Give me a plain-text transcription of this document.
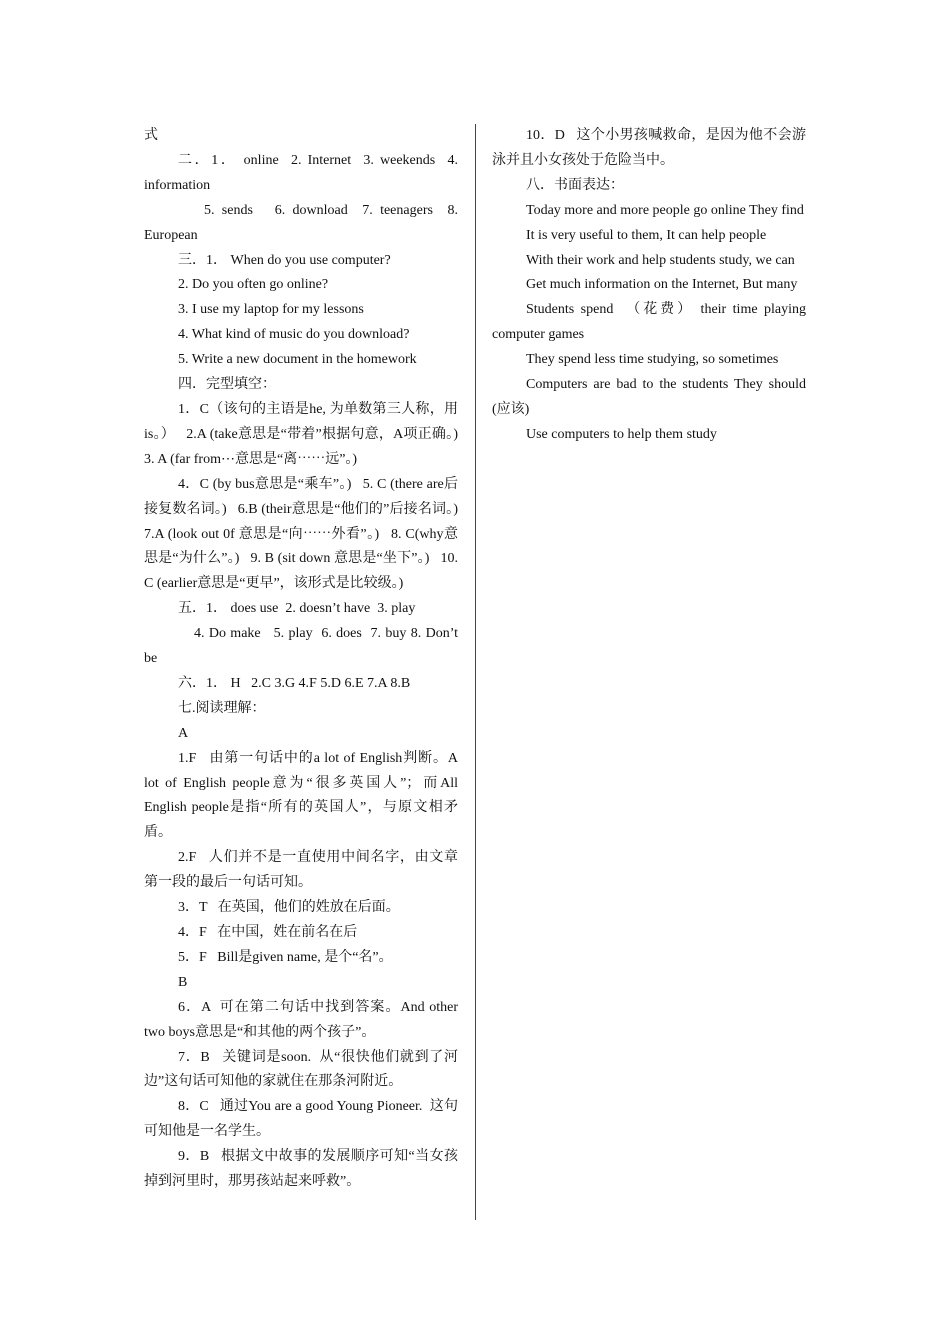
式

二．1． online  2. Internet  3. weekends  4. information

5. sends   6. download  7. teenagers  8. European

三．1． When do you use computer?

2. Do you often go online?

3. I use my laptop for my lessons

4. What kind of music do you download?

5. Write a new document in the homework

四．完型填空：

1．C（该句的主语是he, 为单数第三人称，用is。）   2.A (take意思是“带着”根据句意，A项正确。)   3. A (far from⋯意思是“离⋯⋯远”。)

4．C (by bus意思是“乘车”。)   5. C (there are后接复数名词。)   6.B (their意思是“他们的”后接名词。)   7.A (look out 0f 意思是“向⋯⋯外看”。)   8. C(why意思是“为什么”。)   9. B (sit down 意思是“坐下”。)   10. C (earlier意思是“更早”，该形式是比较级。)

五．1． does use  2. doesn’t have  3. play

4. Do make   5. play  6. does  7. buy 8. Don’t be

六．1． H   2.C 3.G 4.F 5.D 6.E 7.A 8.B

七.阅读理解：

A

1.F   由第一句话中的a lot of English判断。A lot of English people意为“很多英国人”；而All English people是指“所有的英国人”，与原文相矛盾。

2.F   人们并不是一直使用中间名字，由文章第一段的最后一句话可知。

3．T   在英国，他们的姓放在后面。

4．F   在中国，姓在前名在后

5．F   Bill是given name, 是个“名”。

B

6．A  可在第二句话中找到答案。And other two boys意思是“和其他的两个孩子”。

7．B   关键词是soon.  从“很快他们就到了河边”这句话可知他的家就住在那条河附近。

8．C   通过You are a good Young Pioneer.  这句可知他是一名学生。

9．B   根据文中故事的发展顺序可知“当女孩掉到河里时，那男孩站起来呼救”。

10．D   这个小男孩喊救命，是因为他不会游泳并且小女孩处于危险当中。

八．书面表达：

Today more and more people go online They find

It is very useful to them, It can help people

With their work and help students study, we can

Get much information on the Internet, But many

Students spend  （花费） their time playing computer games

They spend less time studying, so sometimes

Computers are bad to the students They should (应该)

Use computers to help them study
